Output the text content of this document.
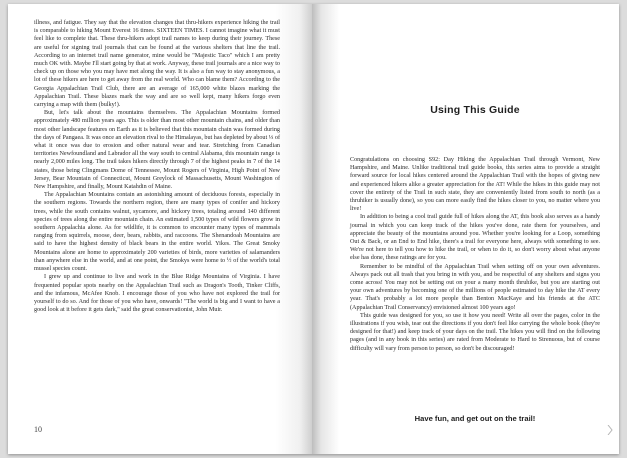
illness, and fatigue. They say that the elevation changes that thru-hikers experience hiking the trail is comparable to hiking Mount Everest 16 times. SIXTEEN TIMES. I cannot imagine what it must feel like to complete that. These thru-hikers adopt trail names to keep during their journey. These are useful for signing trail journals that can be found at the various shelters that line the trail. According to an internet trail name generator, mine would be "Majestic Taco" which I am pretty much OK with. Maybe I'll start going by that at work. Anyway, these trail journals are a nice way to check up on those who you may have met along the way. It is also a fun way to stay anonymous, a lot of these hikers are here to get away from the real world. Who can blame them? According to the Georgia Appalachian Trail Club, there are an average of 165,000 white blazes marking the Appalachian Trail. These blazes mark the way and are so well kept, many hikers forgo even carrying a map with them (bulky!).

But, let's talk about the mountains themselves. The Appalachian Mountains formed approximately 480 million years ago. This is older than most other mountain chains, and older than most other landscape features on Earth as it is believed that this mountain chain was formed during the days of Pangaea. It was once an elevation rival to the Himalayas, but has depleted by about ⅓ of what it once was due to erosion and other natural wear and tear. Stretching from Canadian territories Newfoundland and Labrador all the way south to central Alabama, this mountain range is nearly 2,000 miles long. The trail takes hikers directly through 7 of the highest peaks in 7 of the 14 states, those being Clingmans Dome of Tennessee, Mount Rogers of Virginia, High Point of New Jersey, Bear Mountain of Connecticut, Mount Greylock of Massachusetts, Mount Washington of New Hampshire, and finally, Mount Katahdin of Maine.

The Appalachian Mountains contain an astonishing amount of deciduous forests, especially in the southern regions. Towards the northern region, there are many types of conifer and hickory trees, while the south contains walnut, sycamore, and hickory trees, totaling around 140 different species of trees along the entire mountain chain. An estimated 1,500 types of wild flowers grow in southern Appalachia alone. As for wildlife, it is common to encounter many types of mammals ranging from squirrels, moose, deer, bears, rabbits, and raccoons. The Shenandoah Mountains are said to have the highest density of black bears in the entire world. Yikes. The Great Smoky Mountains alone are home to approximately 200 varieties of birds, more varieties of salamanders than anywhere else in the world, and at one point, the Smokys were home to ½ of the world's total mussel species count.

I grew up and continue to live and work in the Blue Ridge Mountains of Virginia. I have frequented popular spots nearby on the Appalachian Trail such as Dragon's Tooth, Tinker Cliffs, and the infamous, McAfee Knob. I encourage those of you who have not explored the trail for yourself to do so. And for those of you who have, onwards! "The world is big and I want to have a good look at it before it gets dark," said the great conservationist, John Muir.

10
Using This Guide

Congratulations on choosing S92: Day Hiking the Appalachian Trail through Vermont, New Hampshire, and Maine. Unlike traditional trail guide books, this series aims to provide a straight forward source for local hikes centered around the Appalachian Trail with the hopes of giving new and experienced hikers alike a greater appreciation for the AT! While the hikes in this guide may not cover the entirety of the Trail in such state, they are conveniently listed from south to north (as a thruhiker is usually done), so you can more easily find the hikes closer to you, no matter where you live!

In addition to being a cool trail guide full of hikes along the AT, this book also serves as a handy journal in which you can keep track of the hikes you've done, rate them for yourselves, and appreciate the beauty of the mountains around you. Whether you're looking for a Loop, something Out & Back, or an End to End hike, there's a trail for everyone here, always with something to see. We're not here to tell you how to hike the trail, or when to do it, so don't worry about what anyone else has done, these ratings are for you.

Remember to be mindful of the Appalachian Trail when setting off on your own adventures. Always pack out all trash that you bring in with you, and be respectful of any shelters and signs you come across! You may not be setting out on your a many month thruhike, but you are starting out your own adventures by becoming one of the millions of people estimated to day hike the AT every year. That's probably a lot more people than Benton MacKaye and his friends at the ATC (Appalachian Trail Conservancy) envisioned almost 100 years ago!

This guide was designed for you, so use it how you need! Write all over the pages, color in the illustrations if you wish, tear out the directions if you don't feel like carrying the whole book (they're designed for that!) and keep track of your days on the trail. The hikes you will find on the following pages (and in any book in this series) are rated from Moderate to Hard to Strenuous, but of course difficulty will vary from person to person, so don't be discouraged!

Have fun, and get out on the trail!
